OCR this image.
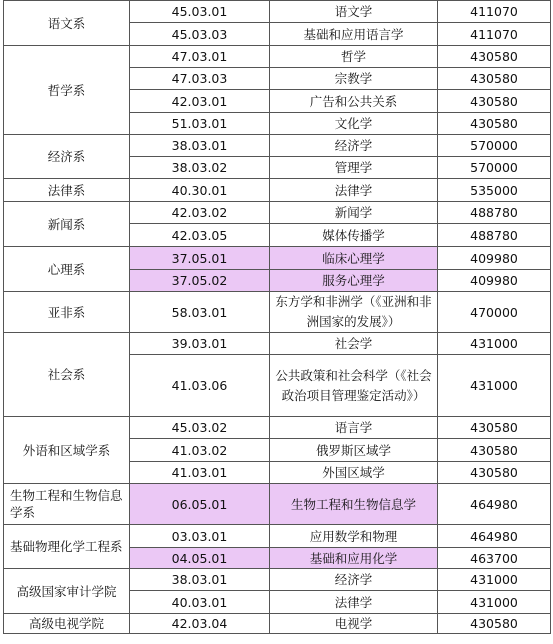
语文系	45.03.01	语文学	411070
	45.03.03	基础和应用语言学	411070
哲学系	47.03.01	哲学	430580
	47.03.03	宗教学	430580
	42.03.01	广告和公共关系	430580
	51.03.01	文化学	430580
经济系	38.03.01	经济学	570000
	38.03.02	管理学	570000
法律系	40.30.01	法律学	535000
新闻系	42.03.02	新闻学	488780
	42.03.05	媒体传播学	488780
心理系	37.05.01	临床心理学	409980
	37.05.02	服务心理学	409980
亚非系	58.03.01	东方学和非洲学（《亚洲和非洲国家的发展》）	470000
社会系	39.03.01	社会学	431000
	41.03.06	公共政策和社会科学（《社会政治项目管理鉴定活动》）	431000
外语和区域学系	45.03.02	语言学	430580
	41.03.02	俄罗斯区域学	430580
	41.03.01	外国区域学	430580
生物工程和生物信息学系	06.05.01	生物工程和生物信息学	464980
基础物理化学工程系	03.03.01	应用数学和物理	464980
	04.05.01	基础和应用化学	463700
高级国家审计学院	38.03.01	经济学	431000
	40.03.01	法律学	431000
高级电视学院	42.03.04	电视学	430580
